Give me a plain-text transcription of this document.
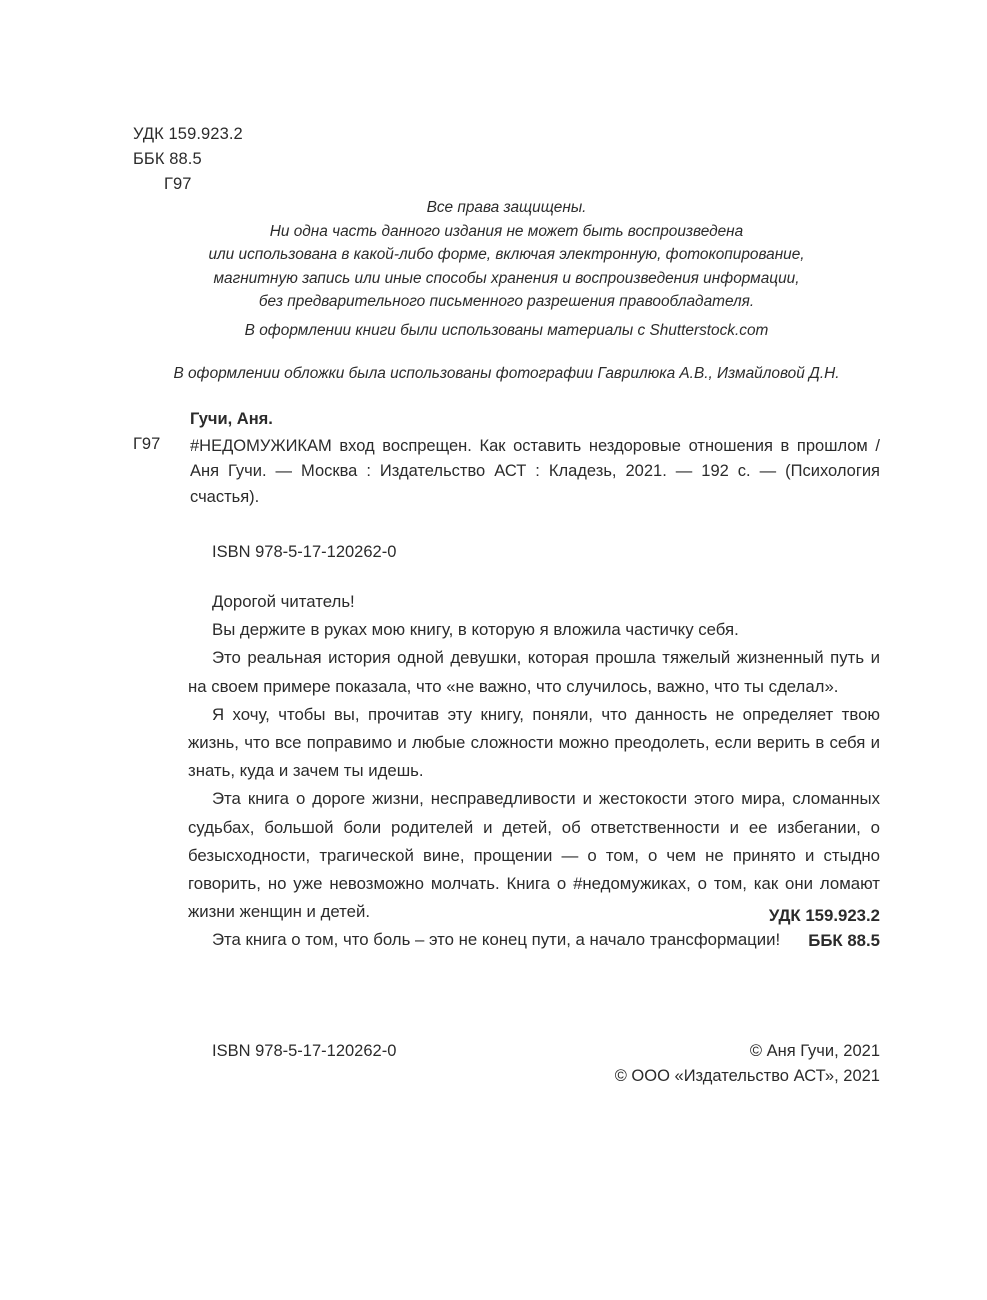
УДК 159.923.2
ББК 88.5
Г97
Все права защищены.
Ни одна часть данного издания не может быть воспроизведена
или использована в какой-либо форме, включая электронную, фотокопирование,
магнитную запись или иные способы хранения и воспроизведения информации,
без предварительного письменного разрешения правообладателя.
В оформлении книги были использованы материалы с Shutterstock.com
В оформлении обложки была использованы фотографии Гаврилюка А.В., Измайловой Д.Н.
Г97
Гучи, Аня.
#НЕДОМУЖИКАМ вход воспрещен. Как оставить нездоровые отношения в прошлом / Аня Гучи. — Москва : Издательство АСТ : Кладезь, 2021. — 192 с. — (Психология счастья).
ISBN 978-5-17-120262-0

Дорогой читатель!

Вы держите в руках мою книгу, в которую я вложила частичку себя.

Это реальная история одной девушки, которая прошла тяжелый жизненный путь и на своем примере показала, что «не важно, что случилось, важно, что ты сделал».

Я хочу, чтобы вы, прочитав эту книгу, поняли, что данность не определяет твою жизнь, что все поправимо и любые сложности можно преодолеть, если верить в себя и знать, куда и зачем ты идешь.

Эта книга о дороге жизни, несправедливости и жестокости этого мира, сломанных судьбах, большой боли родителей и детей, об ответственности и ее избегании, о безысходности, трагической вине, прощении — о том, о чем не принято и стыдно говорить, но уже невозможно молчать. Книга о #недомужиках, о том, как они ломают жизни женщин и детей.

Эта книга о том, что боль – это не конец пути, а начало трансформации!

УДК 159.923.2
ББК 88.5
ISBN 978-5-17-120262-0	© Аня Гучи, 2021
© ООО «Издательство АСТ», 2021
